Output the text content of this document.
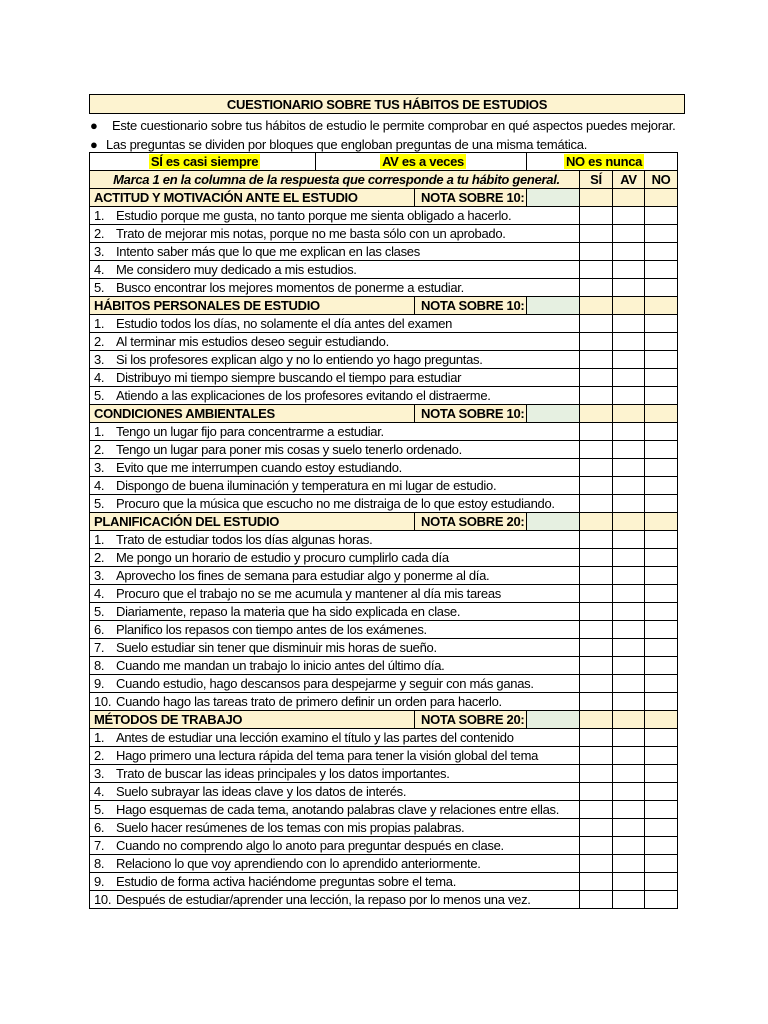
CUESTIONARIO SOBRE TUS HÁBITOS DE ESTUDIOS
● Este cuestionario sobre tus hábitos de estudio le permite comprobar en qué aspectos puedes mejorar.
● Las preguntas se dividen por bloques que engloban preguntas de una misma temática.
SÍ es casi siempre	AV es a veces		NO es nunca			
Marca 1 en la columna de la respuesta que corresponde a tu hábito general.				SÍ	AV	NO
ACTITUD Y MOTIVACIÓN ANTE EL ESTUDIO		NOTA SOBRE 10:				
1. Estudio porque me gusta, no tanto porque me sienta obligado a hacerlo.						
2. Trato de mejorar mis notas, porque no me basta sólo con un aprobado.						
3. Intento saber más que lo que me explican en las clases						
4. Me considero muy dedicado a mis estudios.						
5. Busco encontrar los mejores momentos de ponerme a estudiar.						
HÁBITOS PERSONALES DE ESTUDIO		NOTA SOBRE 10:				
1. Estudio todos los días, no solamente el día antes del examen						
2. Al terminar mis estudios deseo seguir estudiando.						
3. Si los profesores explican algo y no lo entiendo yo hago preguntas.						
4. Distribuyo mi tiempo siempre buscando el tiempo para estudiar						
5. Atiendo a las explicaciones de los profesores evitando el distraerme.						
CONDICIONES AMBIENTALES		NOTA SOBRE 10:				
1. Tengo un lugar fijo para concentrarme a estudiar.						
2. Tengo un lugar para poner mis cosas y suelo tenerlo ordenado.						
3. Evito que me interrumpen cuando estoy estudiando.						
4. Dispongo de buena iluminación y temperatura en mi lugar de estudio.						
5. Procuro que la música que escucho no me distraiga de lo que estoy estudiando.						
PLANIFICACIÓN DEL ESTUDIO		NOTA SOBRE 20:				
1. Trato de estudiar todos los días algunas horas.						
2. Me pongo un horario de estudio y procuro cumplirlo cada día						
3. Aprovecho los fines de semana para estudiar algo y ponerme al día.						
4. Procuro que el trabajo no se me acumula y mantener al día mis tareas						
5. Diariamente, repaso la materia que ha sido explicada en clase.						
6. Planifico los repasos con tiempo antes de los exámenes.						
7. Suelo estudiar sin tener que disminuir mis horas de sueño.						
8. Cuando me mandan un trabajo lo inicio antes del último día.						
9. Cuando estudio, hago descansos para despejarme y seguir con más ganas.						
10. Cuando hago las tareas trato de primero definir un orden para hacerlo.						
MÉTODOS DE TRABAJO		NOTA SOBRE 20:				
1. Antes de estudiar una lección examino el título y las partes del contenido						
2. Hago primero una lectura rápida del tema para tener la visión global del tema						
3. Trato de buscar las ideas principales y los datos importantes.						
4. Suelo subrayar las ideas clave y los datos de interés.						
5. Hago esquemas de cada tema, anotando palabras clave y relaciones entre ellas.						
6. Suelo hacer resúmenes de los temas con mis propias palabras.						
7. Cuando no comprendo algo lo anoto para preguntar después en clase.						
8. Relaciono lo que voy aprendiendo con lo aprendido anteriormente.						
9. Estudio de forma activa haciéndome preguntas sobre el tema.						
10. Después de estudiar/aprender una lección, la repaso por lo menos una vez.						
